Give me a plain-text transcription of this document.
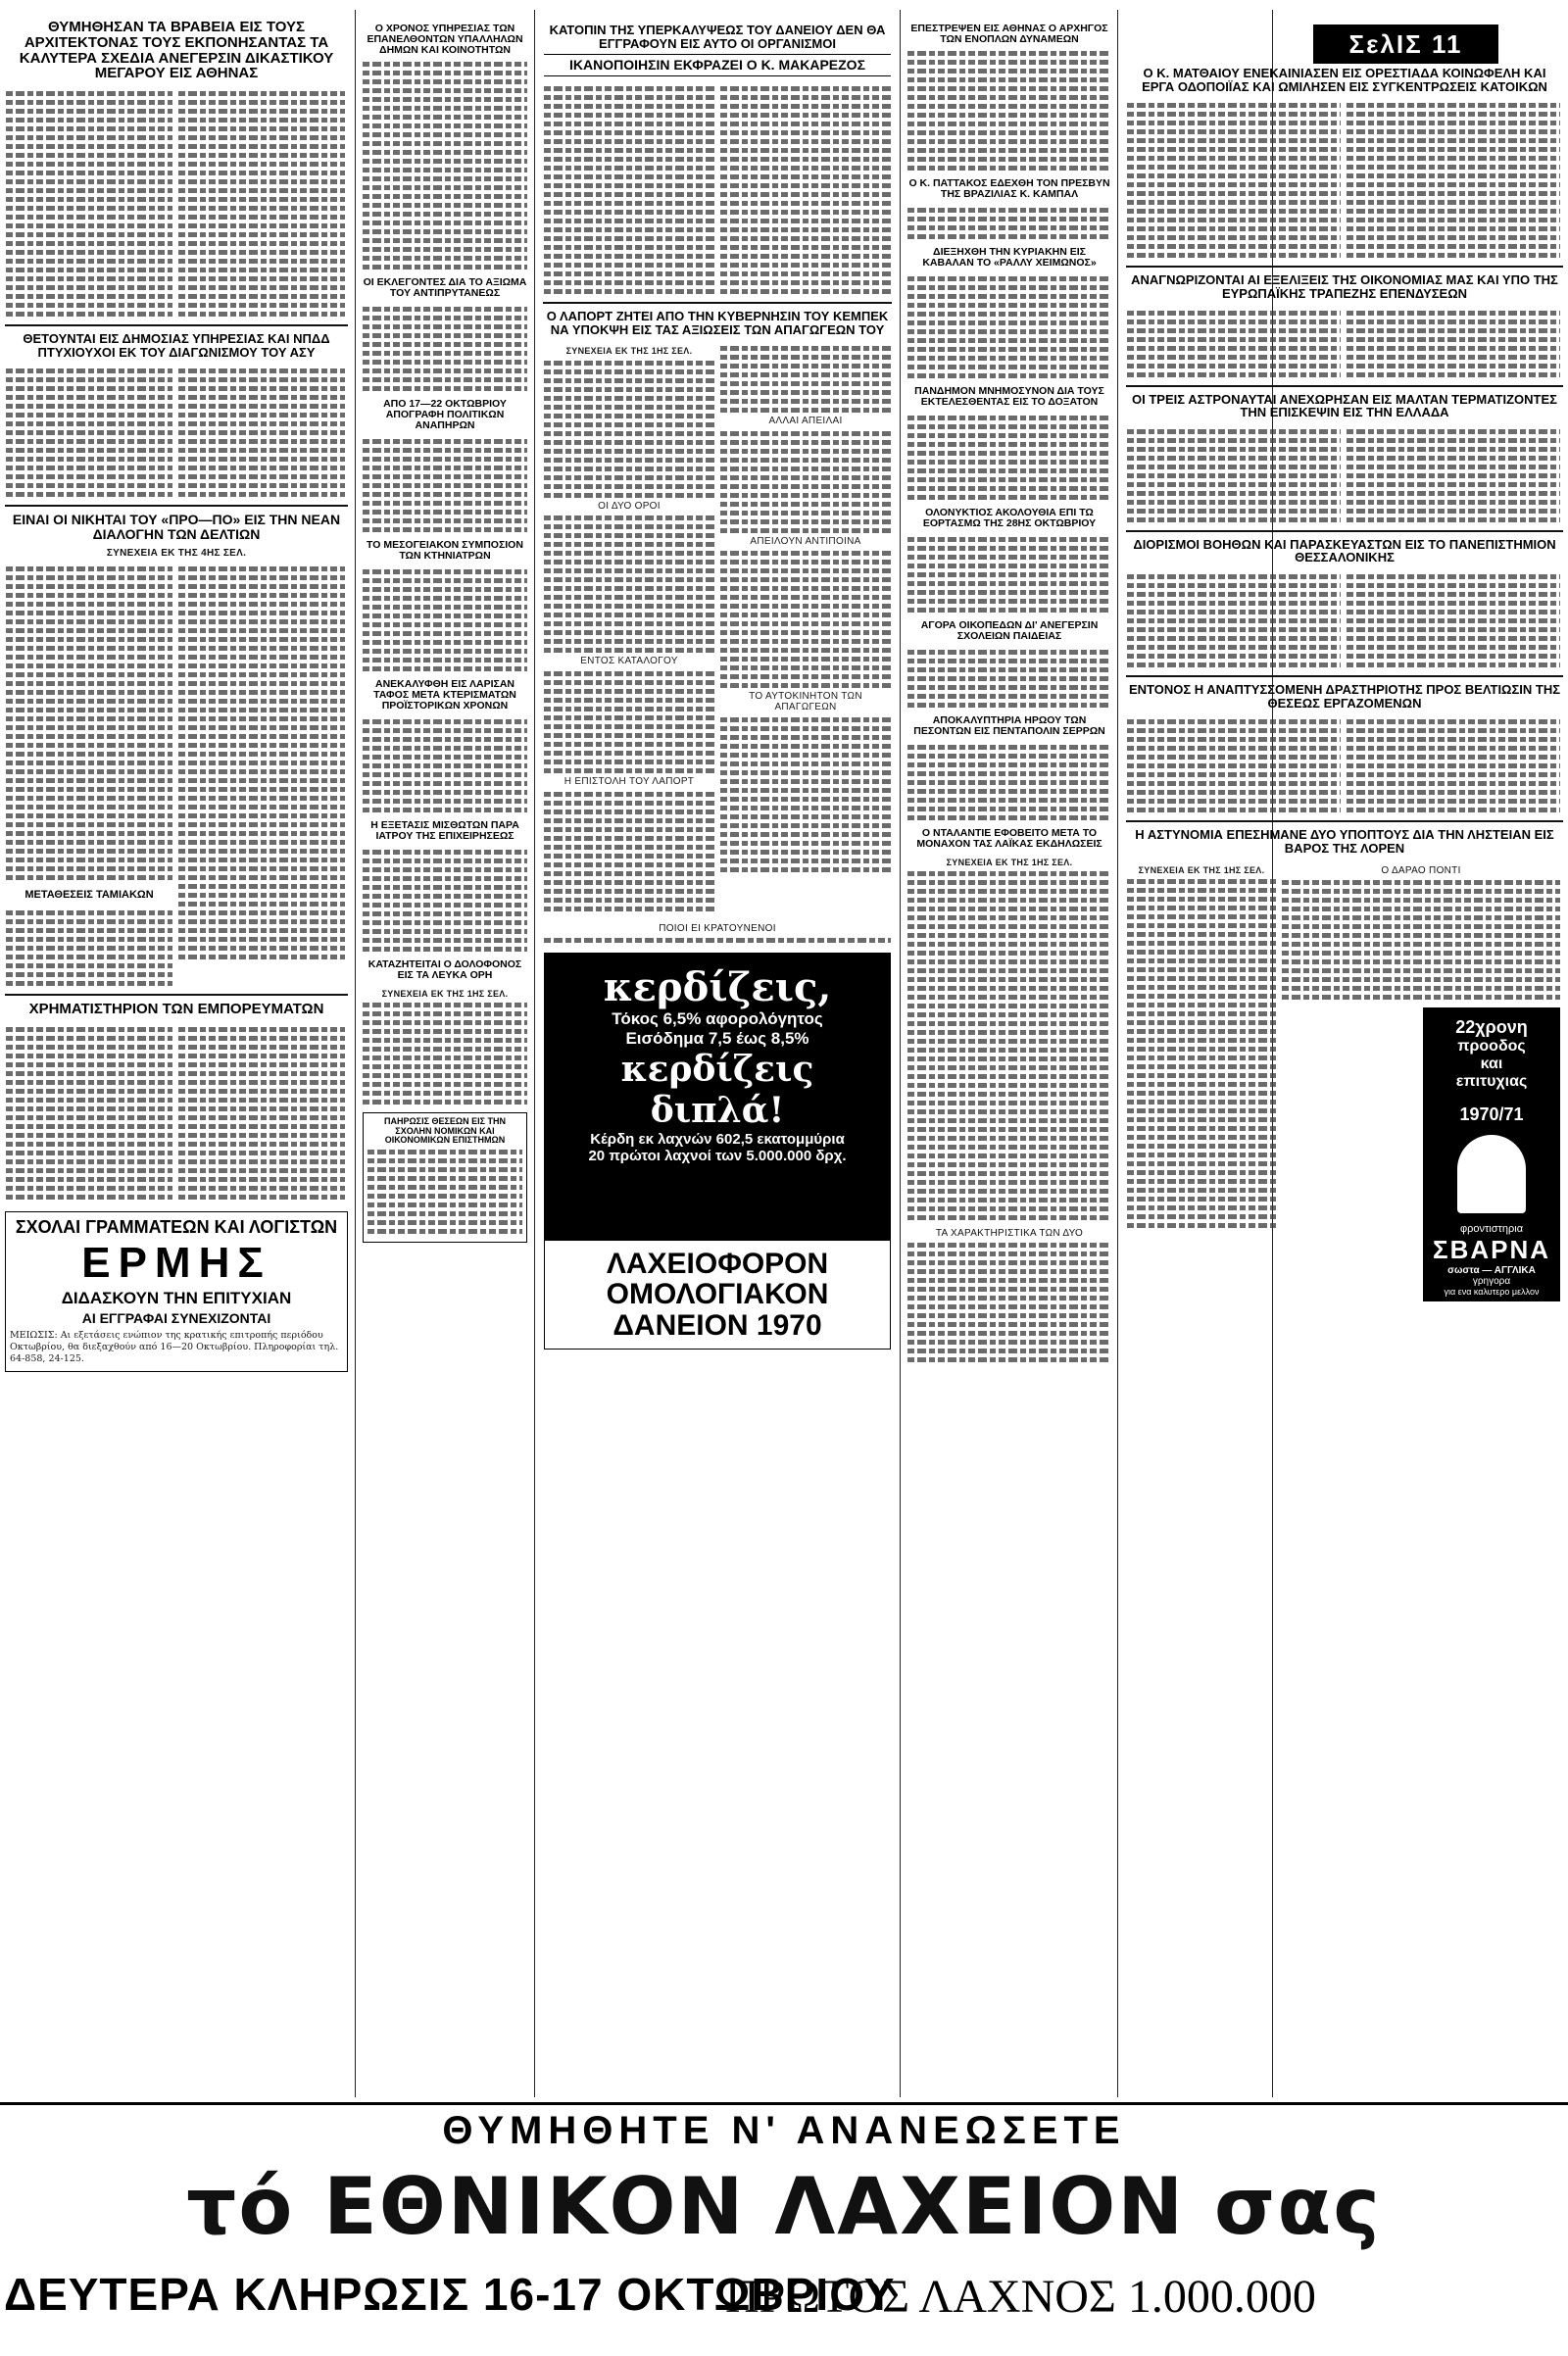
ΣελΙΣ 11
ΘΥΜΗΘΗΣΑΝ ΤΑ ΒΡΑΒΕΙΑ ΕΙΣ ΤΟΥΣ ΑΡΧΙΤΕΚΤΟΝΑΣ ΤΟΥΣ ΕΚΠΟΝΗΣΑΝΤΑΣ ΤΑ ΚΑΛΥΤΕΡΑ ΣΧΕΔΙΑ ΑΝΕΓΕΡΣΙΝ ΔΙΚΑΣΤΙΚΟΥ ΜΕΓΑΡΟΥ ΕΙΣ ΑΘΗΝΑΣ
ΘΕΤΟΥΝΤΑΙ ΕΙΣ ΔΗΜΟΣΙΑΣ ΥΠΗΡΕΣΙΑΣ ΚΑΙ ΝΠΔΔ ΠΤΥΧΙΟΥΧΟΙ ΕΚ ΤΟΥ ΔΙΑΓΩΝΙΣΜΟΥ ΤΟΥ ΑΣΥ
ΕΙΝΑΙ ΟΙ ΝΙΚΗΤΑΙ ΤΟΥ «ΠΡΟ—ΠΟ» ΕΙΣ ΤΗΝ ΝΕΑΝ ΔΙΑΛΟΓΗΝ ΤΩΝ ΔΕΛΤΙΩΝ
ΣΥΝΕΧΕΙΑ ΕΚ ΤΗΣ 4ΗΣ ΣΕΛ.
ΜΕΤΑΘΕΣΕΙΣ ΤΑΜΙΑΚΩΝ
ΧΡΗΜΑΤΙΣΤΗΡΙΟΝ ΤΩΝ ΕΜΠΟΡΕΥΜΑΤΩΝ
ΣΧΟΛΑΙ ΓΡΑΜΜΑΤΕΩΝ ΚΑΙ ΛΟΓΙΣΤΩΝ
ΕΡΜΗΣ
ΔΙΔΑΣΚΟΥΝ ΤΗΝ ΕΠΙΤΥΧΙΑΝ
ΑΙ ΕΓΓΡΑΦΑΙ ΣΥΝΕΧΙΖΟΝΤΑΙ
ΜΕΙΩΣΙΣ: Αι εξετάσεις ενώπιον της κρατικής επιτροπής περιόδου Οκτωβρίου, θα διεξαχθούν από 16—20 Οκτωβρίου. Πληροφορίαι τηλ. 64-858, 24-125.
Ο ΧΡΟΝΟΣ ΥΠΗΡΕΣΙΑΣ ΤΩΝ ΕΠΑΝΕΛΘΟΝΤΩΝ ΥΠΑΛΛΗΛΩΝ ΔΗΜΩΝ ΚΑΙ ΚΟΙΝΟΤΗΤΩΝ
ΟΙ ΕΚΛΕΓΟΝΤΕΣ ΔΙΑ ΤΟ ΑΞΙΩΜΑ ΤΟΥ ΑΝΤΙΠΡΥΤΑΝΕΩΣ
ΑΠΟ 17—22 ΟΚΤΩΒΡΙΟΥ ΑΠΟΓΡΑΦΗ ΠΟΛΙΤΙΚΩΝ ΑΝΑΠΗΡΩΝ
ΤΟ ΜΕΣΟΓΕΙΑΚΟΝ ΣΥΜΠΟΣΙΟΝ ΤΩΝ ΚΤΗΝΙΑΤΡΩΝ
ΑΝΕΚΑΛΥΦΘΗ ΕΙΣ ΛΑΡΙΣΑΝ ΤΑΦΟΣ ΜΕΤΑ ΚΤΕΡΙΣΜΑΤΩΝ ΠΡΟΪΣΤΟΡΙΚΩΝ ΧΡΟΝΩΝ
Η ΕΞΕΤΑΣΙΣ ΜΙΣΘΩΤΩΝ ΠΑΡΑ ΙΑΤΡΟΥ ΤΗΣ ΕΠΙΧΕΙΡΗΣΕΩΣ
ΚΑΤΑΖΗΤΕΙΤΑΙ Ο ΔΟΛΟΦΟΝΟΣ ΕΙΣ ΤΑ ΛΕΥΚΑ ΟΡΗ
ΣΥΝΕΧΕΙΑ ΕΚ ΤΗΣ 1ΗΣ ΣΕΛ.
ΠΑΗΡΩΣΙΣ ΘΕΣΕΩΝ ΕΙΣ ΤΗΝ ΣΧΟΛΗΝ ΝΟΜΙΚΩΝ ΚΑΙ ΟΙΚΟΝΟΜΙΚΩΝ ΕΠΙΣΤΗΜΩΝ
ΚΑΤΟΠΙΝ ΤΗΣ ΥΠΕΡΚΑΛΥΨΕΩΣ ΤΟΥ ΔΑΝΕΙΟΥ ΔΕΝ ΘΑ ΕΓΓΡΑΦΟΥΝ ΕΙΣ ΑΥΤΟ ΟΙ ΟΡΓΑΝΙΣΜΟΙ
ΙΚΑΝΟΠΟΙΗΣΙΝ ΕΚΦΡΑΖΕΙ Ο Κ. ΜΑΚΑΡΕΖΟΣ
Ο ΛΑΠΟΡΤ ΖΗΤΕΙ ΑΠΟ ΤΗΝ ΚΥΒΕΡΝΗΣΙΝ ΤΟΥ ΚΕΜΠΕΚ ΝΑ ΥΠΟΚΨΗ ΕΙΣ ΤΑΣ ΑΞΙΩΣΕΙΣ ΤΩΝ ΑΠΑΓΩΓΕΩΝ ΤΟΥ
ΣΥΝΕΧΕΙΑ ΕΚ ΤΗΣ 1ΗΣ ΣΕΛ.
ΟΙ ΔΥΟ ΟΡΟΙ
ΕΝΤΟΣ ΚΑΤΑΛΟΓΟΥ
Η ΕΠΙΣΤΟΛΗ ΤΟΥ ΛΑΠΟΡΤ
ΑΛΛΑΙ ΑΠΕΙΛΑΙ
ΑΠΕΙΛΟΥΝ ΑΝΤΙΠΟΙΝΑ
ΤΟ ΑΥΤΟΚΙΝΗΤΟΝ ΤΩΝ ΑΠΑΓΩΓΕΩΝ
ΠΟΙΟΙ ΕΙ ΚΡΑΤΟΥΝΕΝΟΙ
κερδίζεις,
Τόκος 6,5% αφορολόγητος
Εισόδημα 7,5 έως 8,5%
κερδίζεις διπλά!
Κέρδη εκ λαχνών 602,5 εκατομμύρια
20 πρώτοι λαχνοί των 5.000.000 δρχ.
ΛΑΧΕΙΟΦΟΡΟΝ
ΟΜΟΛΟΓΙΑΚΟΝ
ΔΑΝΕΙΟΝ 1970
ΕΠΕΣΤΡΕΨΕΝ ΕΙΣ ΑΘΗΝΑΣ Ο ΑΡΧΗΓΟΣ ΤΩΝ ΕΝΟΠΛΩΝ ΔΥΝΑΜΕΩΝ
Ο Κ. ΠΑΤΤΑΚΟΣ ΕΔΕΧΘΗ ΤΟΝ ΠΡΕΣΒΥΝ ΤΗΣ ΒΡΑΖΙΛΙΑΣ Κ. ΚΑΜΠΑΛ
ΔΙΕΞΗΧΘΗ ΤΗΝ ΚΥΡΙΑΚΗΝ ΕΙΣ ΚΑΒΑΛΑΝ ΤΟ «ΡΑΛΛΥ ΧΕΙΜΩΝΟΣ»
ΠΑΝΔΗΜΟΝ ΜΝΗΜΟΣΥΝΟΝ ΔΙΑ ΤΟΥΣ ΕΚΤΕΛΕΣΘΕΝΤΑΣ ΕΙΣ ΤΟ ΔΟΞΑΤΟΝ
ΟΛΟΝΥΚΤΙΟΣ ΑΚΟΛΟΥΘΙΑ ΕΠΙ ΤΩ ΕΟΡΤΑΣΜΩ ΤΗΣ 28ΗΣ ΟΚΤΩΒΡΙΟΥ
ΑΓΟΡΑ ΟΙΚΟΠΕΔΩΝ ΔΙ' ΑΝΕΓΕΡΣΙΝ ΣΧΟΛΕΙΩΝ ΠΑΙΔΕΙΑΣ
ΑΠΟΚΑΛΥΠΤΗΡΙΑ ΗΡΩΟΥ ΤΩΝ ΠΕΣΟΝΤΩΝ ΕΙΣ ΠΕΝΤΑΠΟΛΙΝ ΣΕΡΡΩΝ
Ο ΝΤΑΛΑΝΤΙΕ ΕΦΟΒΕΙΤΟ ΜΕΤΑ ΤΟ ΜΟΝΑΧΟΝ ΤΑΣ ΛΑΪΚΑΣ ΕΚΔΗΛΩΣΕΙΣ
ΣΥΝΕΧΕΙΑ ΕΚ ΤΗΣ 1ΗΣ ΣΕΛ.
ΤΑ ΧΑΡΑΚΤΗΡΙΣΤΙΚΑ ΤΩΝ ΔΥΟ
Ο Κ. ΜΑΤΘΑΙΟΥ ΕΝΕΚΑΙΝΙΑΣΕΝ ΕΙΣ ΟΡΕΣΤΙΑΔΑ ΚΟΙΝΩΦΕΛΗ ΚΑΙ ΕΡΓΑ ΟΔΟΠΟΙΪΑΣ ΚΑΙ ΩΜΙΛΗΣΕΝ ΕΙΣ ΣΥΓΚΕΝΤΡΩΣΕΙΣ ΚΑΤΟΙΚΩΝ
ΑΝΑΓΝΩΡΙΖΟΝΤΑΙ ΑΙ ΕΞΕΛΙΞΕΙΣ ΤΗΣ ΟΙΚΟΝΟΜΙΑΣ ΜΑΣ ΚΑΙ ΥΠΟ ΤΗΣ ΕΥΡΩΠΑΪΚΗΣ ΤΡΑΠΕΖΗΣ ΕΠΕΝΔΥΣΕΩΝ
ΟΙ ΤΡΕΙΣ ΑΣΤΡΟΝΑΥΤΑΙ ΑΝΕΧΩΡΗΣΑΝ ΕΙΣ ΜΑΛΤΑΝ ΤΕΡΜΑΤΙΖΟΝΤΕΣ ΤΗΝ ΕΠΙΣΚΕΨΙΝ ΕΙΣ ΤΗΝ ΕΛΛΑΔΑ
ΔΙΟΡΙΣΜΟΙ ΒΟΗΘΩΝ ΚΑΙ ΠΑΡΑΣΚΕΥΑΣΤΩΝ ΕΙΣ ΤΟ ΠΑΝΕΠΙΣΤΗΜΙΟΝ ΘΕΣΣΑΛΟΝΙΚΗΣ
ΕΝΤΟΝΟΣ Η ΑΝΑΠΤΥΣΣΟΜΕΝΗ ΔΡΑΣΤΗΡΙΟΤΗΣ ΠΡΟΣ ΒΕΛΤΙΩΣΙΝ ΤΗΣ ΘΕΣΕΩΣ ΕΡΓΑΖΟΜΕΝΩΝ
Η ΑΣΤΥΝΟΜΙΑ ΕΠΕΣΗΜΑΝΕ ΔΥΟ ΥΠΟΠΤΟΥΣ ΔΙΑ ΤΗΝ ΛΗΣΤΕΙΑΝ ΕΙΣ ΒΑΡΟΣ ΤΗΣ ΛΟΡΕΝ
ΣΥΝΕΧΕΙΑ ΕΚ ΤΗΣ 1ΗΣ ΣΕΛ.	Ο ΔΑΡΑΟ ΠΟΝΤΙ
22χρονη
προοδος
και
επιτυχιας
1970/71
φροντιστηρια
ΣΒΑΡΝΑ
σωστα — ΑΓΓΛΙΚΑ
γρηγορα
για ενα καλυτερο μελλον
ΘΥΜΗΘΗΤΕ Ν' ΑΝΑΝΕΩΣΕΤΕ
τό ΕΘΝΙΚΟΝ ΛΑΧΕΙΟΝ σας
ΔΕΥΤΕΡΑ ΚΛΗΡΩΣΙΣ 16-17 ΟΚΤΩΒΡΙΟΥ
ΠΡΩΤΟΣ ΛΑΧΝΟΣ 1.000.000
